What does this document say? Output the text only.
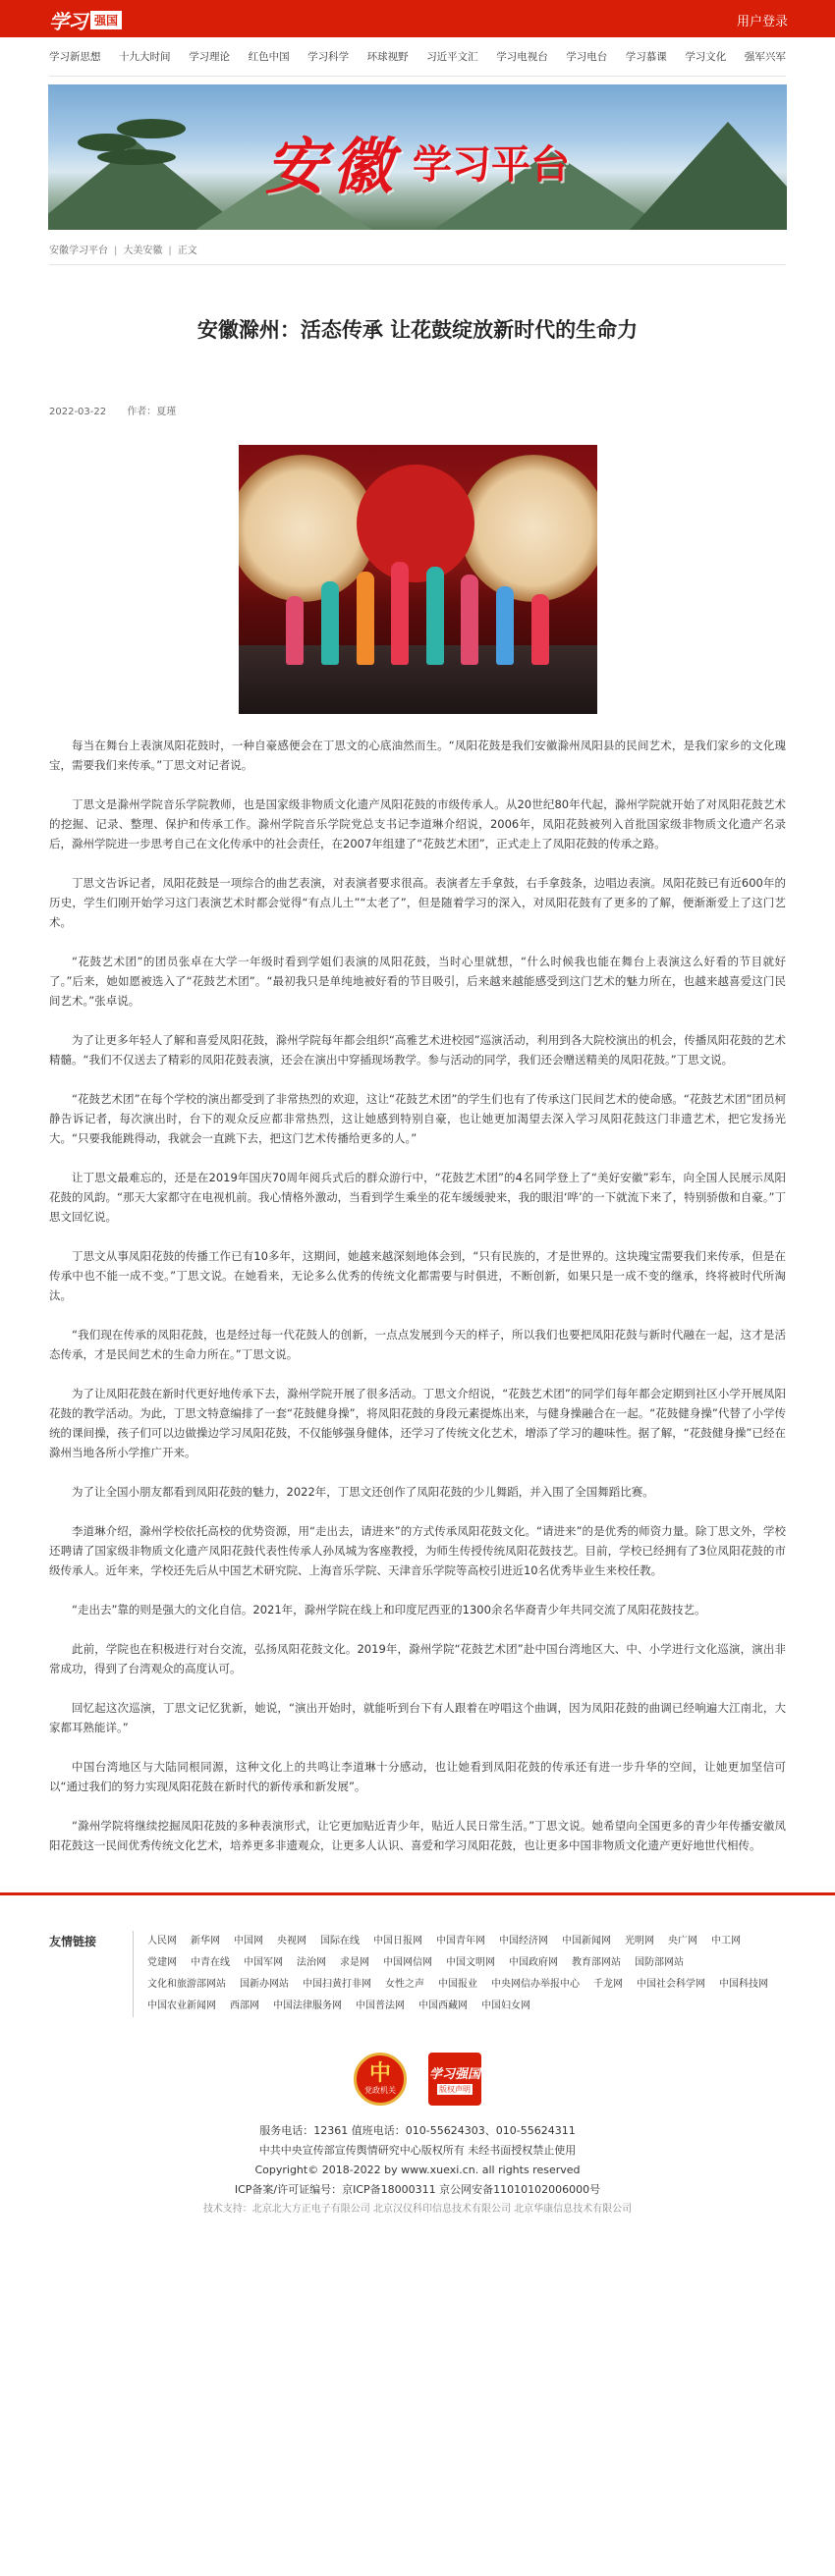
学习 强国	用户登录
学习新思想 十九大时间 学习理论 红色中国 学习科学 环球视野 习近平文汇 学习电视台 学习电台 学习慕课 学习文化 强军兴军
安徽 学习平台
安徽学习平台 | 大美安徽 | 正文
安徽滁州：活态传承 让花鼓绽放新时代的生命力
2022-03-22 作者：夏瑾

每当在舞台上表演凤阳花鼓时，一种自豪感便会在丁思文的心底油然而生。“凤阳花鼓是我们安徽滁州凤阳县的民间艺术，是我们家乡的文化瑰宝，需要我们来传承。”丁思文对记者说。

丁思文是滁州学院音乐学院教师，也是国家级非物质文化遗产凤阳花鼓的市级传承人。从20世纪80年代起，滁州学院就开始了对凤阳花鼓艺术的挖掘、记录、整理、保护和传承工作。滁州学院音乐学院党总支书记李道琳介绍说，2006年，凤阳花鼓被列入首批国家级非物质文化遗产名录后，滁州学院进一步思考自己在文化传承中的社会责任，在2007年组建了“花鼓艺术团”，正式走上了凤阳花鼓的传承之路。

丁思文告诉记者，凤阳花鼓是一项综合的曲艺表演，对表演者要求很高。表演者左手拿鼓，右手拿鼓条，边唱边表演。凤阳花鼓已有近600年的历史，学生们刚开始学习这门表演艺术时都会觉得“有点儿土”“太老了”，但是随着学习的深入，对凤阳花鼓有了更多的了解，便渐渐爱上了这门艺术。

“花鼓艺术团”的团员张卓在大学一年级时看到学姐们表演的凤阳花鼓，当时心里就想，“什么时候我也能在舞台上表演这么好看的节目就好了。”后来，她如愿被选入了“花鼓艺术团”。“最初我只是单纯地被好看的节目吸引，后来越来越能感受到这门艺术的魅力所在，也越来越喜爱这门民间艺术。”张卓说。

为了让更多年轻人了解和喜爱凤阳花鼓，滁州学院每年都会组织“高雅艺术进校园”巡演活动，利用到各大院校演出的机会，传播凤阳花鼓的艺术精髓。“我们不仅送去了精彩的凤阳花鼓表演，还会在演出中穿插现场教学。参与活动的同学，我们还会赠送精美的凤阳花鼓。”丁思文说。

“花鼓艺术团”在每个学校的演出都受到了非常热烈的欢迎，这让“花鼓艺术团”的学生们也有了传承这门民间艺术的使命感。“花鼓艺术团”团员柯静告诉记者，每次演出时，台下的观众反应都非常热烈，这让她感到特别自豪，也让她更加渴望去深入学习凤阳花鼓这门非遗艺术，把它发扬光大。“只要我能跳得动，我就会一直跳下去，把这门艺术传播给更多的人。”

让丁思文最难忘的，还是在2019年国庆70周年阅兵式后的群众游行中，“花鼓艺术团”的4名同学登上了“美好安徽”彩车，向全国人民展示凤阳花鼓的风韵。“那天大家都守在电视机前。我心情格外激动，当看到学生乘坐的花车缓缓驶来，我的眼泪‘哗’的一下就流下来了，特别骄傲和自豪。”丁思文回忆说。

丁思文从事凤阳花鼓的传播工作已有10多年，这期间，她越来越深刻地体会到，“只有民族的，才是世界的。这块瑰宝需要我们来传承，但是在传承中也不能一成不变。”丁思文说。在她看来，无论多么优秀的传统文化都需要与时俱进，不断创新，如果只是一成不变的继承，终将被时代所淘汰。

“我们现在传承的凤阳花鼓，也是经过每一代花鼓人的创新，一点点发展到今天的样子，所以我们也要把凤阳花鼓与新时代融在一起，这才是活态传承，才是民间艺术的生命力所在。”丁思文说。

为了让凤阳花鼓在新时代更好地传承下去，滁州学院开展了很多活动。丁思文介绍说，“花鼓艺术团”的同学们每年都会定期到社区小学开展凤阳花鼓的教学活动。为此，丁思文特意编排了一套“花鼓健身操”，将凤阳花鼓的身段元素提炼出来，与健身操融合在一起。“花鼓健身操”代替了小学传统的课间操，孩子们可以边做操边学习凤阳花鼓，不仅能够强身健体，还学习了传统文化艺术，增添了学习的趣味性。据了解，“花鼓健身操”已经在滁州当地各所小学推广开来。

为了让全国小朋友都看到凤阳花鼓的魅力，2022年，丁思文还创作了凤阳花鼓的少儿舞蹈，并入围了全国舞蹈比赛。

李道琳介绍，滁州学校依托高校的优势资源，用“走出去，请进来”的方式传承凤阳花鼓文化。“请进来”的是优秀的师资力量。除丁思文外，学校还聘请了国家级非物质文化遗产凤阳花鼓代表性传承人孙凤城为客座教授，为师生传授传统凤阳花鼓技艺。目前，学校已经拥有了3位凤阳花鼓的市级传承人。近年来，学校还先后从中国艺术研究院、上海音乐学院、天津音乐学院等高校引进近10名优秀毕业生来校任教。

“走出去”靠的则是强大的文化自信。2021年，滁州学院在线上和印度尼西亚的1300余名华裔青少年共同交流了凤阳花鼓技艺。

此前，学院也在积极进行对台交流，弘扬凤阳花鼓文化。2019年，滁州学院“花鼓艺术团”赴中国台湾地区大、中、小学进行文化巡演，演出非常成功，得到了台湾观众的高度认可。

回忆起这次巡演，丁思文记忆犹新，她说，“演出开始时，就能听到台下有人跟着在哼唱这个曲调，因为凤阳花鼓的曲调已经响遍大江南北，大家都耳熟能详。”

中国台湾地区与大陆同根同源，这种文化上的共鸣让李道琳十分感动，也让她看到凤阳花鼓的传承还有进一步升华的空间，让她更加坚信可以“通过我们的努力实现凤阳花鼓在新时代的新传承和新发展”。

“滁州学院将继续挖掘凤阳花鼓的多种表演形式，让它更加贴近青少年，贴近人民日常生活。”丁思文说。她希望向全国更多的青少年传播安徽凤阳花鼓这一民间优秀传统文化艺术，培养更多非遗观众，让更多人认识、喜爱和学习凤阳花鼓，也让更多中国非物质文化遗产更好地世代相传。

友情链接	人民网 新华网 中国网 央视网 国际在线 中国日报网 中国青年网 中国经济网 中国新闻网 光明网 央广网 中工网
党建网 中青在线 中国军网 法治网 求是网 中国网信网 中国文明网 中国政府网 教育部网站 国防部网站
文化和旅游部网站 国新办网站 中国扫黄打非网 女性之声 中国报业 中央网信办举报中心 千龙网 中国社会科学网 中国科技网
中国农业新闻网 西部网 中国法律服务网 中国普法网 中国西藏网 中国妇女网
中
党政机关
学习强国
版权声明
服务电话：12361 值班电话：010-55624303、010-55624311
中共中央宣传部宣传舆情研究中心版权所有 未经书面授权禁止使用
Copyright© 2018-2022 by www.xuexi.cn. all rights reserved
ICP备案/许可证编号：京ICP备18000311 京公网安备11010102006000号
技术支持：北京北大方正电子有限公司 北京汉仪科印信息技术有限公司 北京华康信息技术有限公司
